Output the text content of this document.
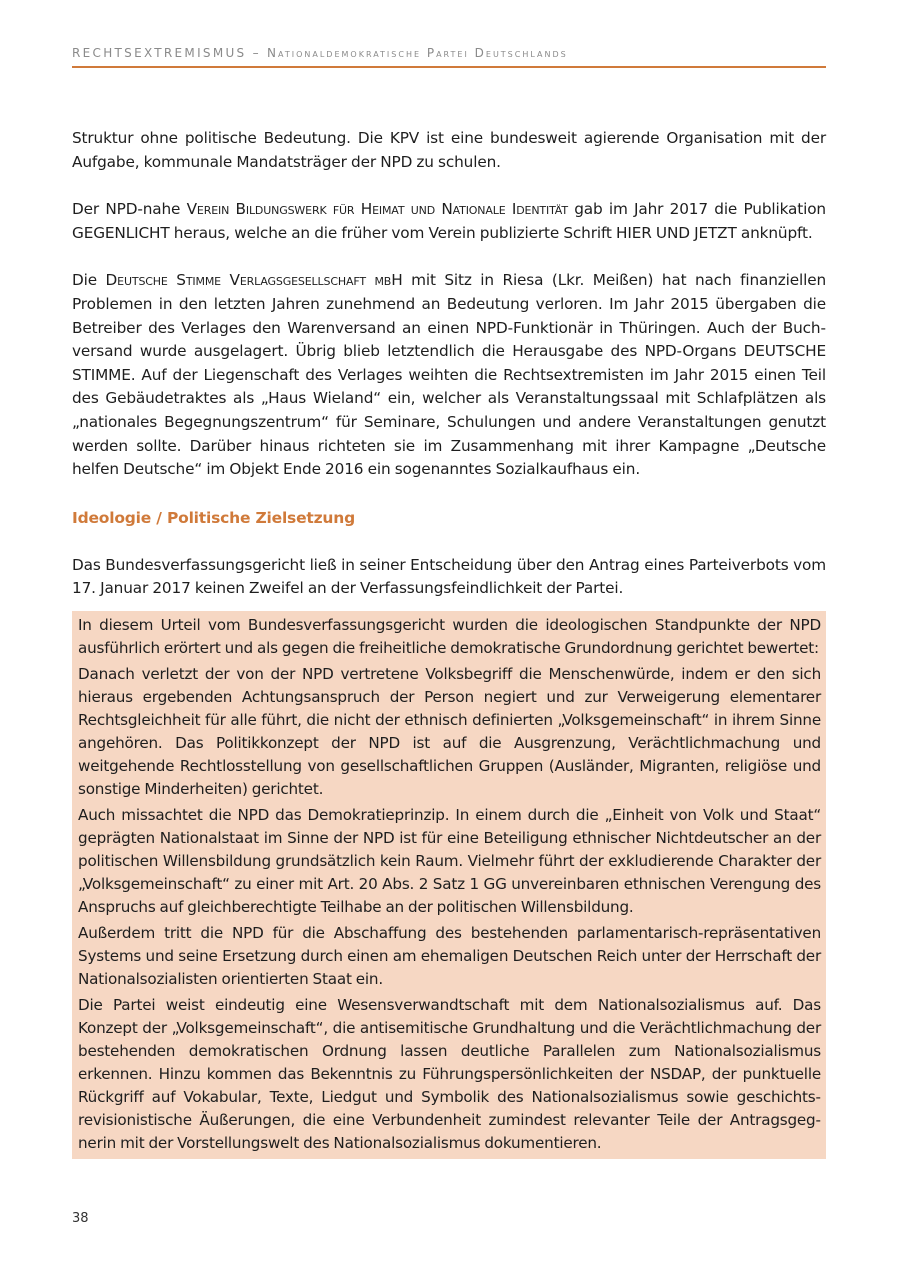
RECHTSEXTREMISMUS – Nationaldemokratische Partei Deutschlands

Struktur ohne politische Bedeutung. Die KPV ist eine bundesweit agierende Organisation mit der Aufgabe, kommunale Mandatsträger der NPD zu schulen.

Der NPD-nahe Verein Bildungswerk für Heimat und Nationale Identität gab im Jahr 2017 die Publikation GEGENLICHT heraus, welche an die früher vom Verein publizierte Schrift HIER UND JETZT anknüpft.

Die Deutsche Stimme Verlagsgesellschaft mbH mit Sitz in Riesa (Lkr. Meißen) hat nach finanziellen Problemen in den letzten Jahren zunehmend an Bedeutung verloren. Im Jahr 2015 übergaben die Betreiber des Verlages den Warenversand an einen NPD-Funktionär in Thüringen. Auch der Buchversand wurde ausgelagert. Übrig blieb letztendlich die Herausgabe des NPD-Organs DEUTSCHE STIMME. Auf der Liegenschaft des Verlages weihten die Rechtsextremisten im Jahr 2015 einen Teil des Gebäudetraktes als „Haus Wieland“ ein, welcher als Veranstaltungssaal mit Schlafplätzen als „nationales Begegnungszentrum“ für Seminare, Schulungen und andere Veranstaltungen genutzt werden sollte. Darüber hinaus richteten sie im Zusammenhang mit ihrer Kampagne „Deutsche helfen Deutsche“ im Objekt Ende 2016 ein sogenanntes Sozialkaufhaus ein.

Ideologie / Politische Zielsetzung

Das Bundesverfassungsgericht ließ in seiner Entscheidung über den Antrag eines Parteiverbots vom 17. Januar 2017 keinen Zweifel an der Verfassungsfeindlichkeit der Partei.

In diesem Urteil vom Bundesverfassungsgericht wurden die ideologischen Standpunkte der NPD ausführlich erörtert und als gegen die freiheitliche demokratische Grundordnung gerichtet bewertet:

Danach verletzt der von der NPD vertretene Volksbegriff die Menschenwürde, indem er den sich hieraus ergebenden Achtungsanspruch der Person negiert und zur Verweigerung elementarer Rechtsgleichheit für alle führt, die nicht der ethnisch definierten „Volksgemeinschaft“ in ihrem Sinne angehören. Das Politikkonzept der NPD ist auf die Ausgrenzung, Verächtlichmachung und weitgehende Rechtlosstellung von gesellschaftlichen Gruppen (Ausländer, Migranten, religiöse und sonstige Minderheiten) gerichtet.

Auch missachtet die NPD das Demokratieprinzip. In einem durch die „Einheit von Volk und Staat“ geprägten Nationalstaat im Sinne der NPD ist für eine Beteiligung ethnischer Nichtdeutscher an der politischen Willensbildung grundsätzlich kein Raum. Vielmehr führt der exkludierende Charakter der „Volksgemeinschaft“ zu einer mit Art. 20 Abs. 2 Satz 1 GG unvereinbaren ethnischen Verengung des Anspruchs auf gleichberechtigte Teilhabe an der politischen Willensbildung.

Außerdem tritt die NPD für die Abschaffung des bestehenden parlamentarisch-repräsentativen Systems und seine Ersetzung durch einen am ehemaligen Deutschen Reich unter der Herrschaft der Nationalsozialisten orientierten Staat ein.

Die Partei weist eindeutig eine Wesensverwandtschaft mit dem Nationalsozialismus auf. Das Konzept der „Volksgemeinschaft“, die antisemitische Grundhaltung und die Verächtlichmachung der bestehenden demokratischen Ordnung lassen deutliche Parallelen zum Nationalsozialismus erkennen. Hinzu kommen das Bekenntnis zu Führungspersönlichkeiten der NSDAP, der punktuelle Rückgriff auf Vokabular, Texte, Liedgut und Symbolik des Nationalsozialismus sowie geschichtsrevisionistische Äußerungen, die eine Verbundenheit zumindest relevanter Teile der Antragsgegnerin mit der Vorstellungswelt des Nationalsozialismus dokumentieren.

38
